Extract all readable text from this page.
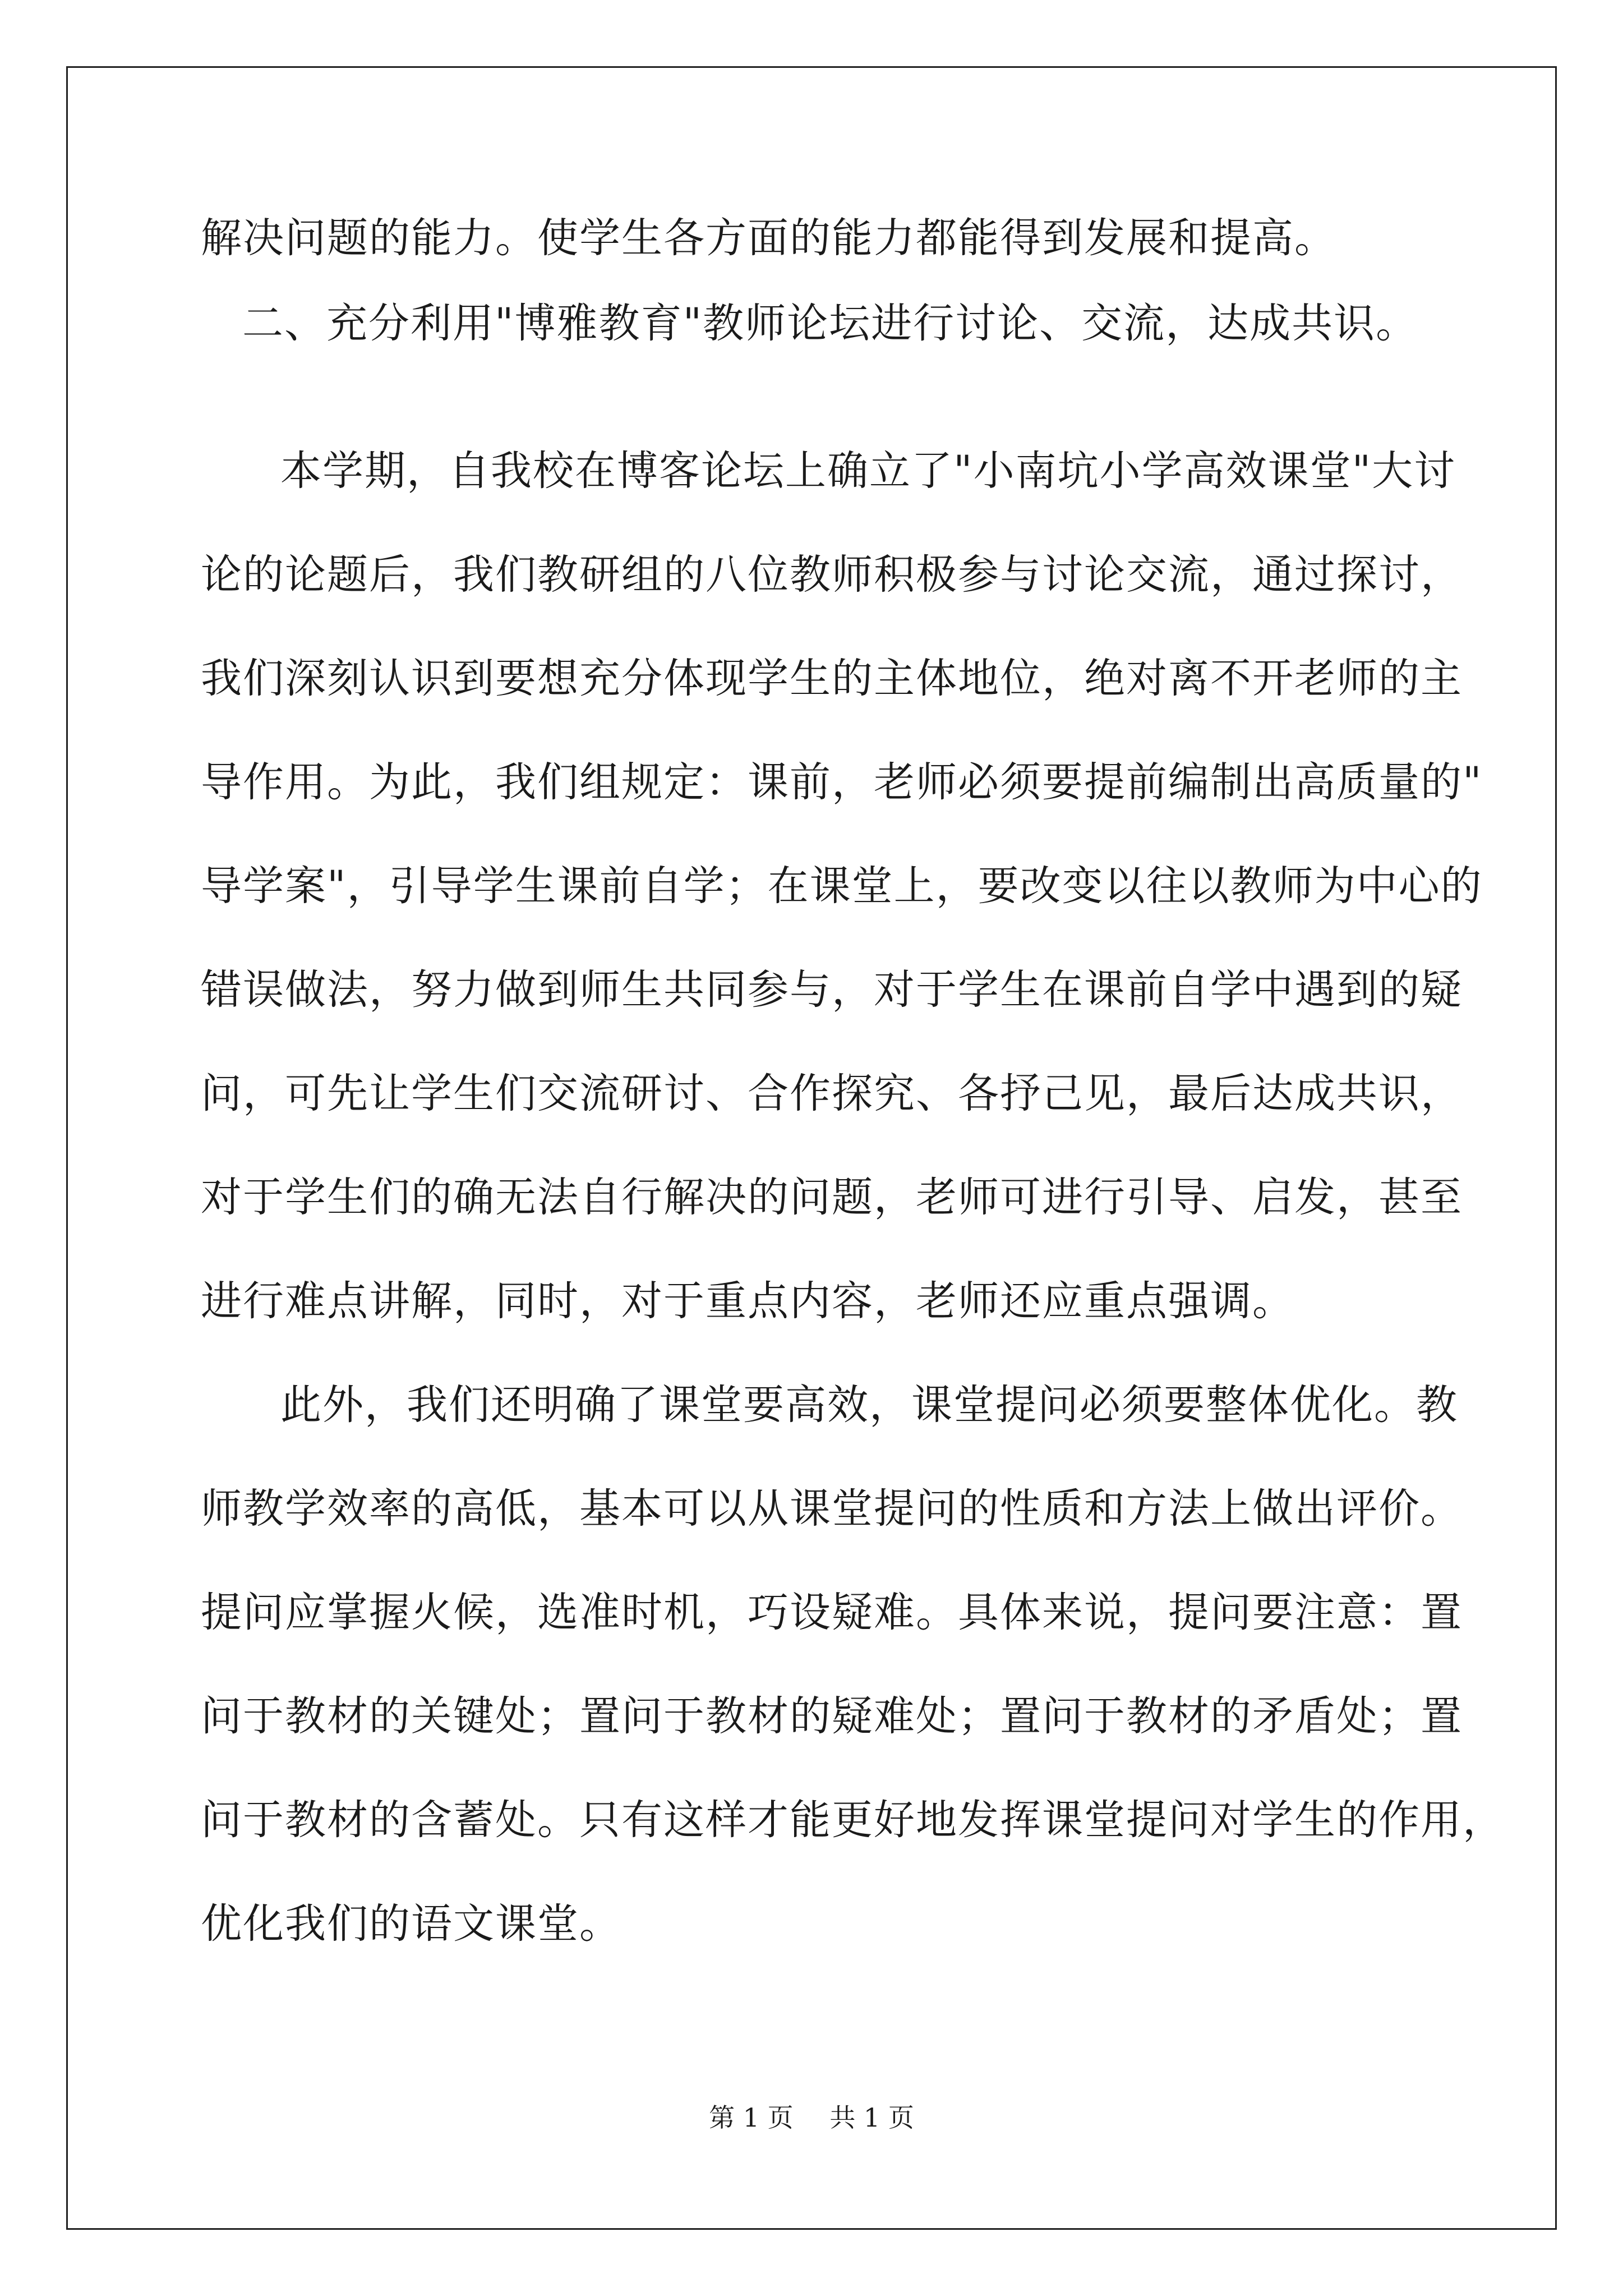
解决问题的能力。使学生各方面的能力都能得到发展和提高。
二、充分利用"博雅教育"教师论坛进行讨论、交流，达成共识。
本学期，自我校在博客论坛上确立了"小南坑小学高效课堂"大讨
论的论题后，我们教研组的八位教师积极参与讨论交流，通过探讨，
我们深刻认识到要想充分体现学生的主体地位，绝对离不开老师的主
导作用。为此，我们组规定：课前，老师必须要提前编制出高质量的"
导学案"，引导学生课前自学；在课堂上，要改变以往以教师为中心的
错误做法，努力做到师生共同参与，对于学生在课前自学中遇到的疑
问，可先让学生们交流研讨、合作探究、各抒己见，最后达成共识，
对于学生们的确无法自行解决的问题，老师可进行引导、启发，甚至
进行难点讲解，同时，对于重点内容，老师还应重点强调。
此外，我们还明确了课堂要高效，课堂提问必须要整体优化。教
师教学效率的高低，基本可以从课堂提问的性质和方法上做出评价。
提问应掌握火候，选准时机，巧设疑难。具体来说，提问要注意：置
问于教材的关键处；置问于教材的疑难处；置问于教材的矛盾处；置
问于教材的含蓄处。只有这样才能更好地发挥课堂提问对学生的作用，
优化我们的语文课堂。
第 1 页 共 1 页
